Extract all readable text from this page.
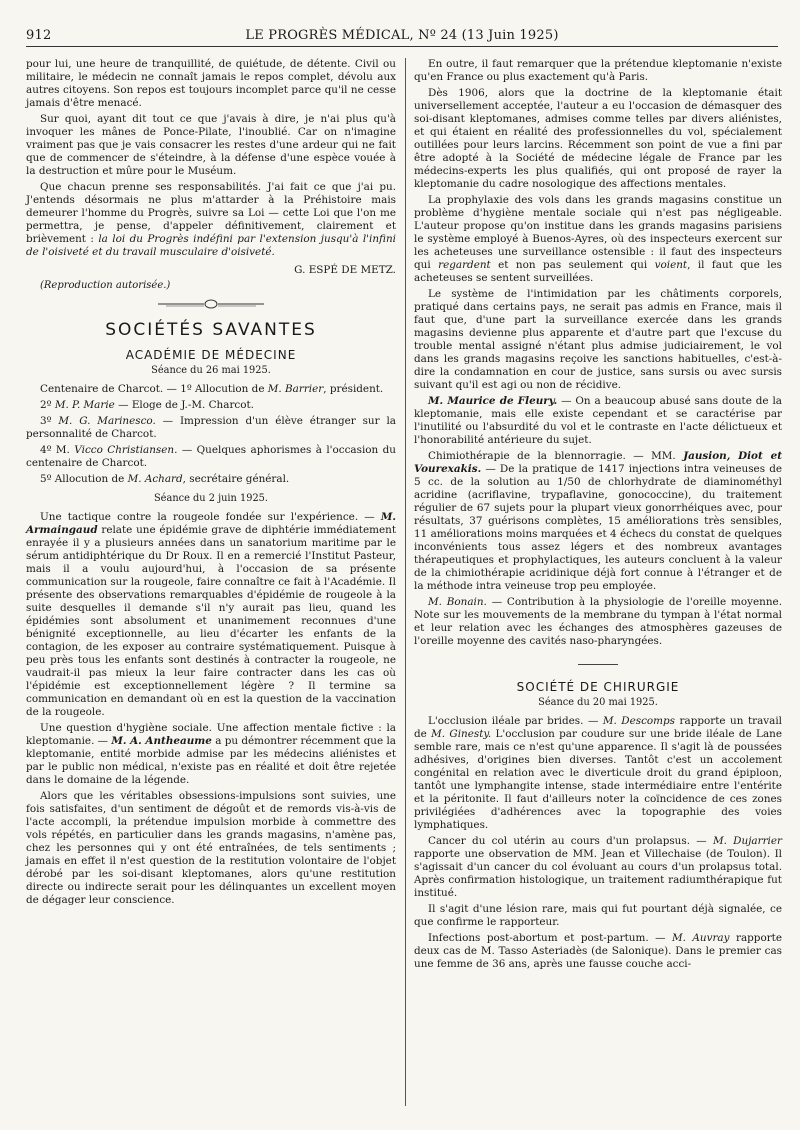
912	LE PROGRÈS MÉDICAL, Nº 24 (13 Juin 1925)

pour lui, une heure de tranquillité, de quiétude, de détente. Civil ou militaire, le médecin ne connaît jamais le repos complet, dévolu aux autres citoyens. Son repos est toujours incomplet parce qu'il ne cesse jamais d'être menacé.

Sur quoi, ayant dit tout ce que j'avais à dire, je n'ai plus qu'à invoquer les mânes de Ponce-Pilate, l'inoublié. Car on n'imagine vraiment pas que je vais consacrer les restes d'une ardeur qui ne fait que de commencer de s'éteindre, à la défense d'une espèce vouée à la destruction et mûre pour le Muséum.

Que chacun prenne ses responsabilités. J'ai fait ce que j'ai pu. J'entends désormais ne plus m'attarder à la Préhistoire mais demeurer l'homme du Progrès, suivre sa Loi — cette Loi que l'on me permettra, je pense, d'appeler définitivement, clairement et brièvement : la loi du Progrès indéfini par l'extension jusqu'à l'infini de l'oisiveté et du travail musculaire d'oisiveté.

G. ESPÉ DE METZ.
(Reproduction autorisée.)
SOCIÉTÉS SAVANTES
ACADÉMIE DE MÉDECINE
Séance du 26 mai 1925.
Centenaire de Charcot. — 1º Allocution de M. Barrier, président.
2º M. P. Marie — Eloge de J.-M. Charcot.
3º M. G. Marinesco. — Impression d'un élève étranger sur la personnalité de Charcot.
4º M. Vicco Christiansen. — Quelques aphorismes à l'occasion du centenaire de Charcot.
5º Allocution de M. Achard, secrétaire général.
Séance du 2 juin 1925.

Une tactique contre la rougeole fondée sur l'expérience. — M. Armaingaud relate une épidémie grave de diphtérie immédiatement enrayée il y a plusieurs années dans un sanatorium maritime par le sérum antidiphtérique du Dr Roux. Il en a remercié l'Institut Pasteur, mais il a voulu aujourd'hui, à l'occasion de sa présente communication sur la rougeole, faire connaître ce fait à l'Académie. Il présente des observations remarquables d'épidémie de rougeole à la suite desquelles il demande s'il n'y aurait pas lieu, quand les épidémies sont absolument et unanimement reconnues d'une bénignité exceptionnelle, au lieu d'écarter les enfants de la contagion, de les exposer au contraire systématiquement. Puisque à peu près tous les enfants sont destinés à contracter la rougeole, ne vaudrait-il pas mieux la leur faire contracter dans les cas où l'épidémie est exceptionnellement légère ? Il termine sa communication en demandant où en est la question de la vaccination de la rougeole.

Une question d'hygiène sociale. Une affection mentale fictive : la kleptomanie. — M. A. Antheaume a pu démontrer récemment que la kleptomanie, entité morbide admise par les médecins aliénistes et par le public non médical, n'existe pas en réalité et doit être rejetée dans le domaine de la légende.

Alors que les véritables obsessions-impulsions sont suivies, une fois satisfaites, d'un sentiment de dégoût et de remords vis-à-vis de l'acte accompli, la prétendue impulsion morbide à commettre des vols répétés, en particulier dans les grands magasins, n'amène pas, chez les personnes qui y ont été entraînées, de tels sentiments ; jamais en effet il n'est question de la restitution volontaire de l'objet dérobé par les soi-disant kleptomanes, alors qu'une restitution directe ou indirecte serait pour les délinquantes un excellent moyen de dégager leur conscience.

En outre, il faut remarquer que la prétendue kleptomanie n'existe qu'en France ou plus exactement qu'à Paris.

Dès 1906, alors que la doctrine de la kleptomanie était universellement acceptée, l'auteur a eu l'occasion de démasquer des soi-disant kleptomanes, admises comme telles par divers aliénistes, et qui étaient en réalité des professionnelles du vol, spécialement outillées pour leurs larcins. Récemment son point de vue a fini par être adopté à la Société de médecine légale de France par les médecins-experts les plus qualifiés, qui ont proposé de rayer la kleptomanie du cadre nosologique des affections mentales.

La prophylaxie des vols dans les grands magasins constitue un problème d'hygiène mentale sociale qui n'est pas négligeable. L'auteur propose qu'on institue dans les grands magasins parisiens le système employé à Buenos-Ayres, où des inspecteurs exercent sur les acheteuses une surveillance ostensible : il faut des inspecteurs qui regardent et non pas seulement qui voient, il faut que les acheteuses se sentent surveillées.

Le système de l'intimidation par les châtiments corporels, pratiqué dans certains pays, ne serait pas admis en France, mais il faut que, d'une part la surveillance exercée dans les grands magasins devienne plus apparente et d'autre part que l'excuse du trouble mental assigné n'étant plus admise judiciairement, le vol dans les grands magasins reçoive les sanctions habituelles, c'est-à-dire la condamnation en cour de justice, sans sursis ou avec sursis suivant qu'il est agi ou non de récidive.

M. Maurice de Fleury. — On a beaucoup abusé sans doute de la kleptomanie, mais elle existe cependant et se caractérise par l'inutilité ou l'absurdité du vol et le contraste en l'acte délictueux et l'honorabilité antérieure du sujet.

Chimiothérapie de la blennorragie. — MM. Jausion, Diot et Vourexakis. — De la pratique de 1417 injections intra veineuses de 5 cc. de la solution au 1/50 de chlorhydrate de diaminométhyl acridine (acriflavine, trypaflavine, gonococcine), du traitement régulier de 67 sujets pour la plupart vieux gonorrhéiques avec, pour résultats, 37 guérisons complètes, 15 améliorations très sensibles, 11 améliorations moins marquées et 4 échecs du constat de quelques inconvénients tous assez légers et des nombreux avantages thérapeutiques et prophylactiques, les auteurs concluent à la valeur de la chimiothérapie acridinique déjà fort connue à l'étranger et de la méthode intra veineuse trop peu employée.

M. Bonain. — Contribution à la physiologie de l'oreille moyenne. Note sur les mouvements de la membrane du tympan à l'état normal et leur relation avec les échanges des atmosphères gazeuses de l'oreille moyenne des cavités naso-pharyngées.

SOCIÉTÉ DE CHIRURGIE
Séance du 20 mai 1925.

L'occlusion iléale par brides. — M. Descomps rapporte un travail de M. Ginesty. L'occlusion par coudure sur une bride iléale de Lane semble rare, mais ce n'est qu'une apparence. Il s'agit là de poussées adhésives, d'origines bien diverses. Tantôt c'est un accolement congénital en relation avec le diverticule droit du grand épiploon, tantôt une lymphangite intense, stade intermédiaire entre l'entérite et la péritonite. Il faut d'ailleurs noter la coïncidence de ces zones privilégiées d'adhérences avec la topographie des voies lymphatiques.

Cancer du col utérin au cours d'un prolapsus. — M. Dujarrier rapporte une observation de MM. Jean et Villechaise (de Toulon). Il s'agissait d'un cancer du col évoluant au cours d'un prolapsus total. Après confirmation histologique, un traitement radiumthérapique fut institué.

Il s'agit d'une lésion rare, mais qui fut pourtant déjà signalée, ce que confirme le rapporteur.

Infections post-abortum et post-partum. — M. Auvray rapporte deux cas de M. Tasso Asteriadès (de Salonique). Dans le premier cas une femme de 36 ans, après une fausse couche acci-
